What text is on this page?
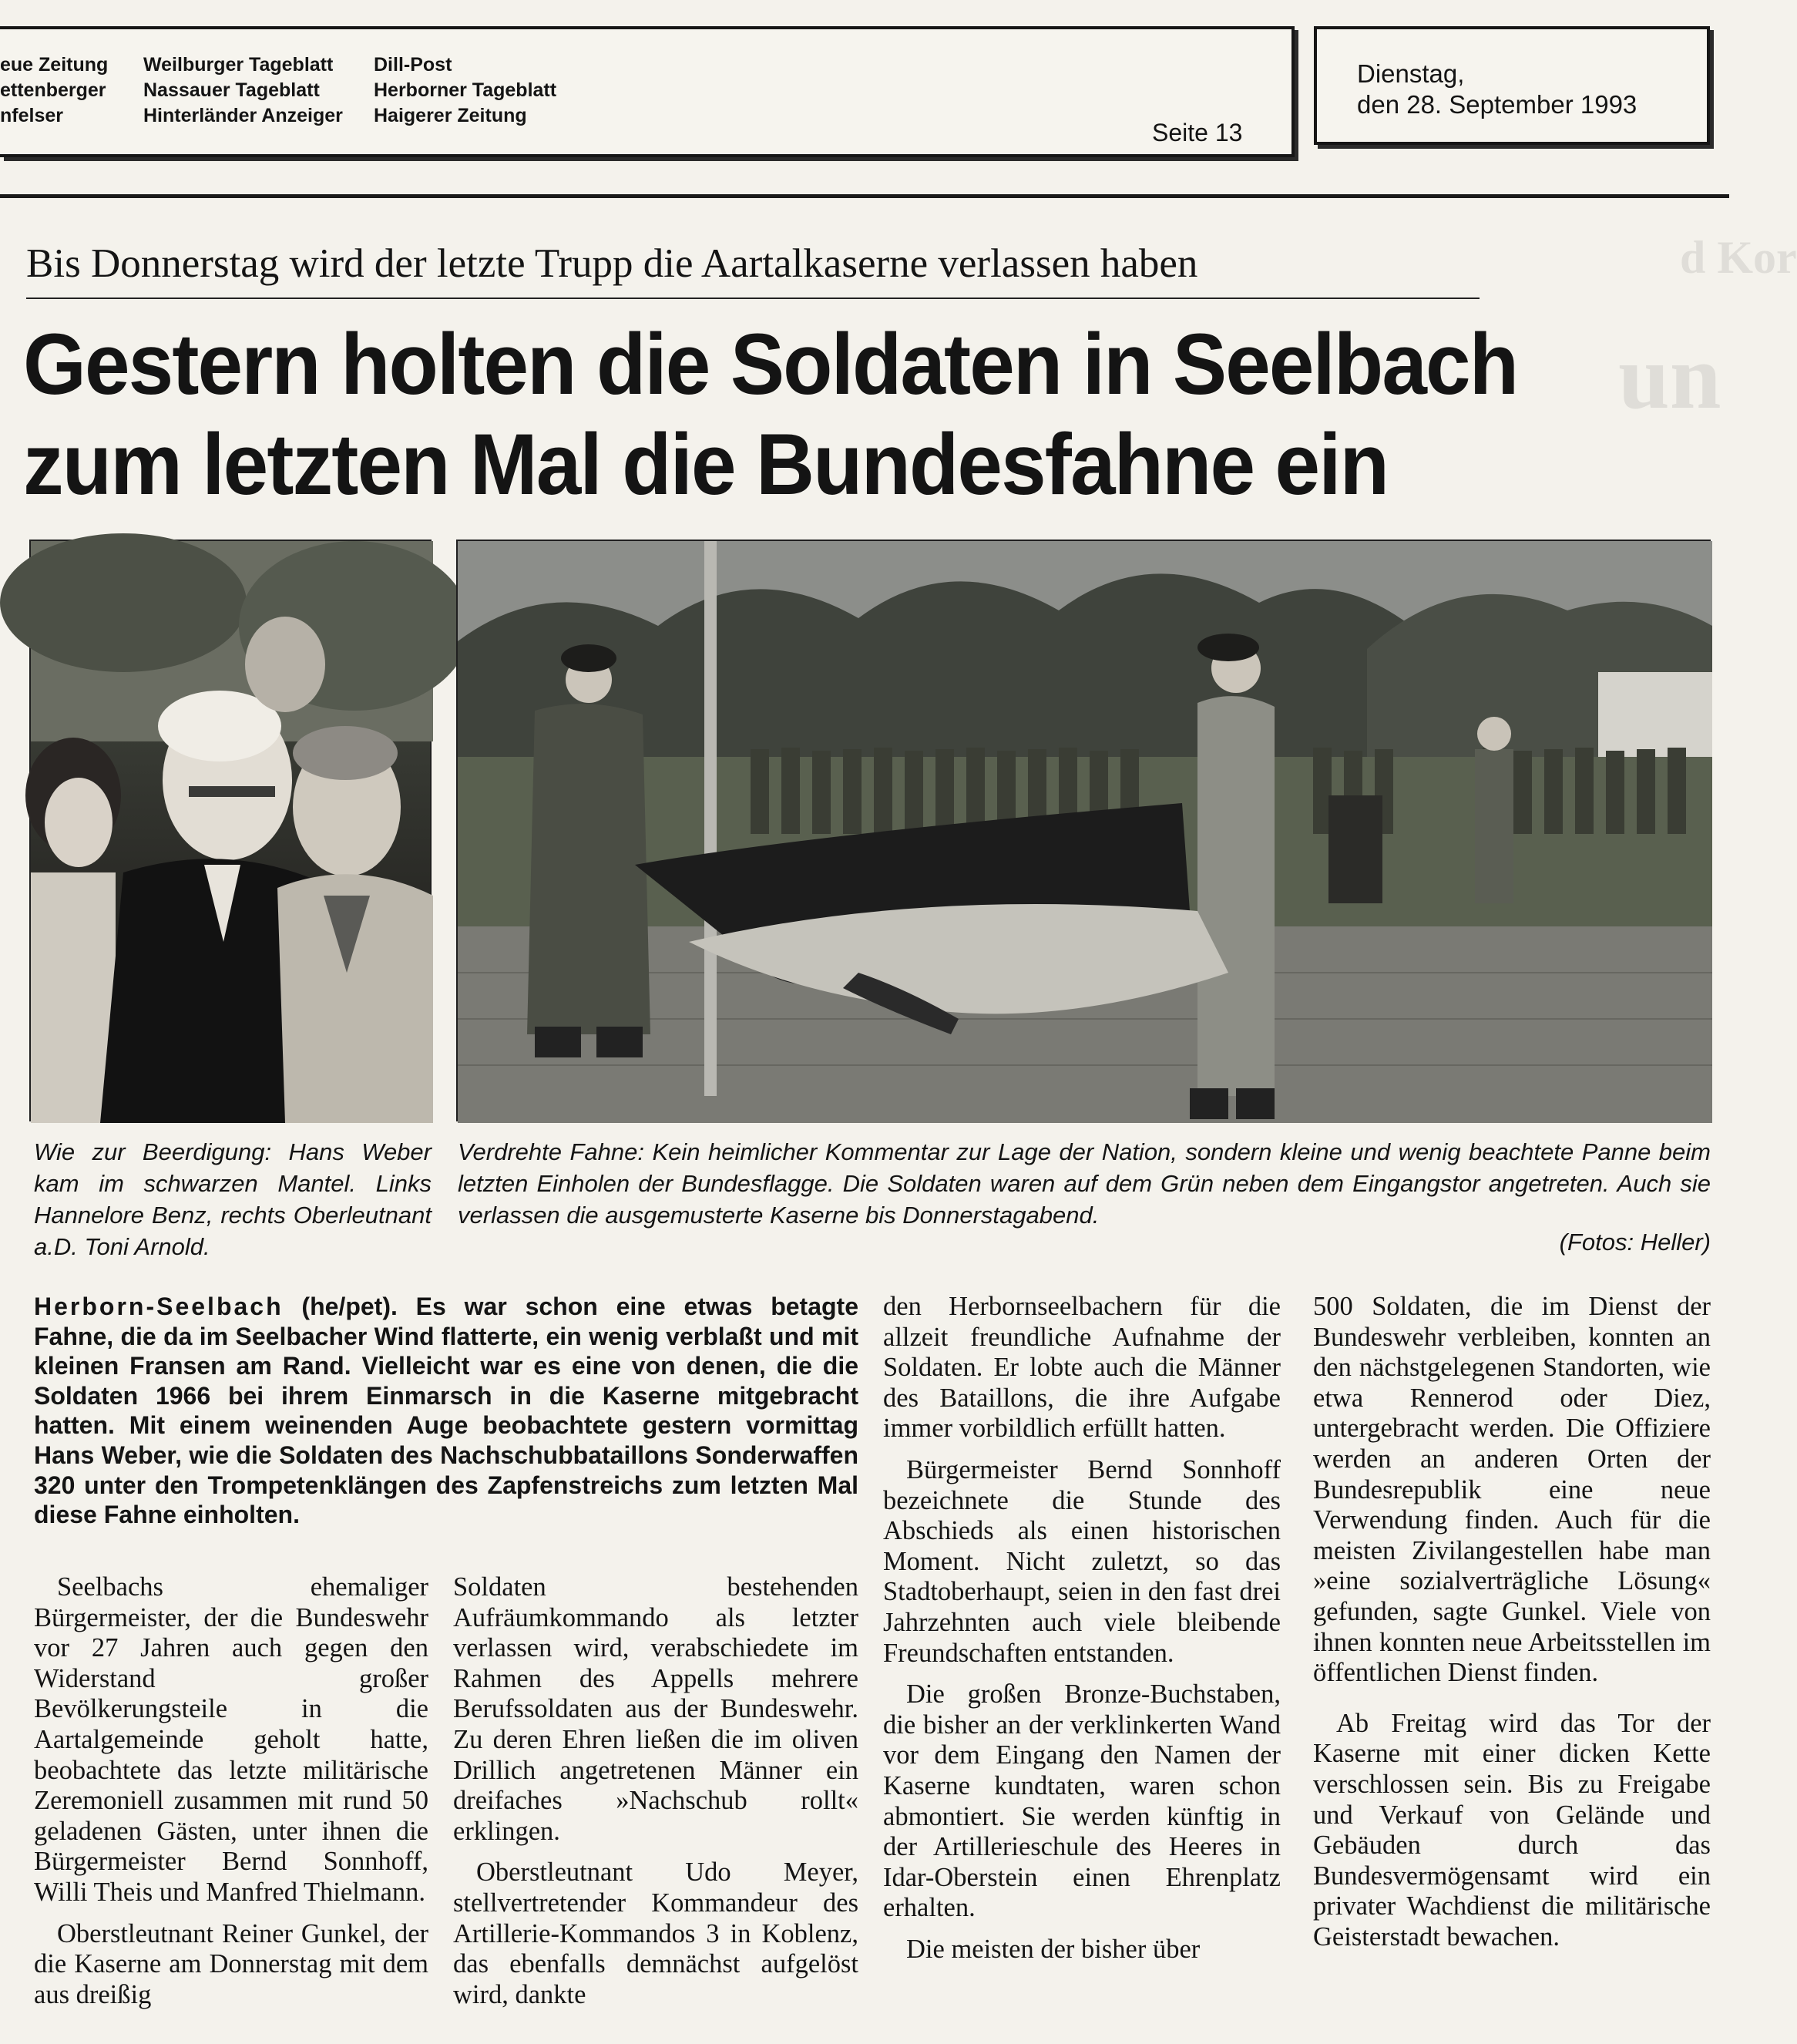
d Kor
un
eue Zeitung
ettenberger
nfelser
Weilburger Tageblatt
Nassauer Tageblatt
Hinterländer Anzeiger
Dill-Post
Herborner Tageblatt
Haigerer Zeitung
Seite 13
Dienstag,
den 28. September 1993
Bis Donnerstag wird der letzte Trupp die Aartalkaserne verlassen haben
Gestern holten die Soldaten in Seelbach
zum letzten Mal die Bundesfahne ein
Wie zur Beerdigung: Hans Weber kam im schwarzen Mantel. Links Hannelore Benz, rechts Oberleutnant a.D. Toni Arnold.
Verdrehte Fahne: Kein heimlicher Kommentar zur Lage der Nation, sondern kleine und wenig beachtete Panne beim letzten Einholen der Bundesflagge. Die Soldaten waren auf dem Grün neben dem Eingangstor angetreten. Auch sie verlassen die ausgemusterte Kaserne bis Donnerstagabend.
(Fotos: Heller)
Herborn-Seelbach (he/pet). Es war schon eine etwas betagte Fahne, die da im Seelbacher Wind flatterte, ein wenig verblaßt und mit kleinen Fransen am Rand. Vielleicht war es eine von denen, die die Soldaten 1966 bei ihrem Einmarsch in die Kaserne mitgebracht hatten. Mit einem weinenden Auge beobachtete gestern vormittag Hans Weber, wie die Soldaten des Nachschubbataillons Sonderwaffen 320 unter den Trompetenklängen des Zapfenstreichs zum letzten Mal diese Fahne einholten.

Seelbachs ehemaliger Bürgermeister, der die Bundeswehr vor 27 Jahren auch gegen den Widerstand großer Bevölkerungsteile in die Aartalgemeinde geholt hatte, beobachtete das letzte militärische Zeremoniell zusammen mit rund 50 geladenen Gästen, unter ihnen die Bürgermeister Bernd Sonnhoff, Willi Theis und Manfred Thielmann.

Oberstleutnant Reiner Gunkel, der die Kaserne am Donnerstag mit dem aus dreißig

Soldaten bestehenden Aufräumkommando als letzter verlassen wird, verabschiedete im Rahmen des Appells mehrere Berufssoldaten aus der Bundeswehr. Zu deren Ehren ließen die im oliven Drillich angetretenen Männer ein dreifaches »Nachschub rollt« erklingen.

Oberstleutnant Udo Meyer, stellvertretender Kommandeur des Artillerie-Kommandos 3 in Koblenz, das ebenfalls demnächst aufgelöst wird, dankte

den Herbornseelbachern für die allzeit freundliche Aufnahme der Soldaten. Er lobte auch die Männer des Bataillons, die ihre Aufgabe immer vorbildlich erfüllt hatten.

Bürgermeister Bernd Sonnhoff bezeichnete die Stunde des Abschieds als einen historischen Moment. Nicht zuletzt, so das Stadtoberhaupt, seien in den fast drei Jahrzehnten auch viele bleibende Freundschaften entstanden.

Die großen Bronze-Buchstaben, die bisher an der verklinkerten Wand vor dem Eingang den Namen der Kaserne kundtaten, waren schon abmontiert. Sie werden künftig in der Artillerieschule des Heeres in Idar-Oberstein einen Ehrenplatz erhalten.

Die meisten der bisher über

500 Soldaten, die im Dienst der Bundeswehr verbleiben, konnten an den nächstgelegenen Standorten, wie etwa Rennerod oder Diez, untergebracht werden. Die Offiziere werden an anderen Orten der Bundesrepublik eine neue Verwendung finden. Auch für die meisten Zivilangestellen habe man »eine sozialverträgliche Lösung« gefunden, sagte Gunkel. Viele von ihnen konnten neue Arbeitsstellen im öffentlichen Dienst finden.

Ab Freitag wird das Tor der Kaserne mit einer dicken Kette verschlossen sein. Bis zu Freigabe und Verkauf von Gelände und Gebäuden durch das Bundesvermögensamt wird ein privater Wachdienst die militärische Geisterstadt bewachen.
